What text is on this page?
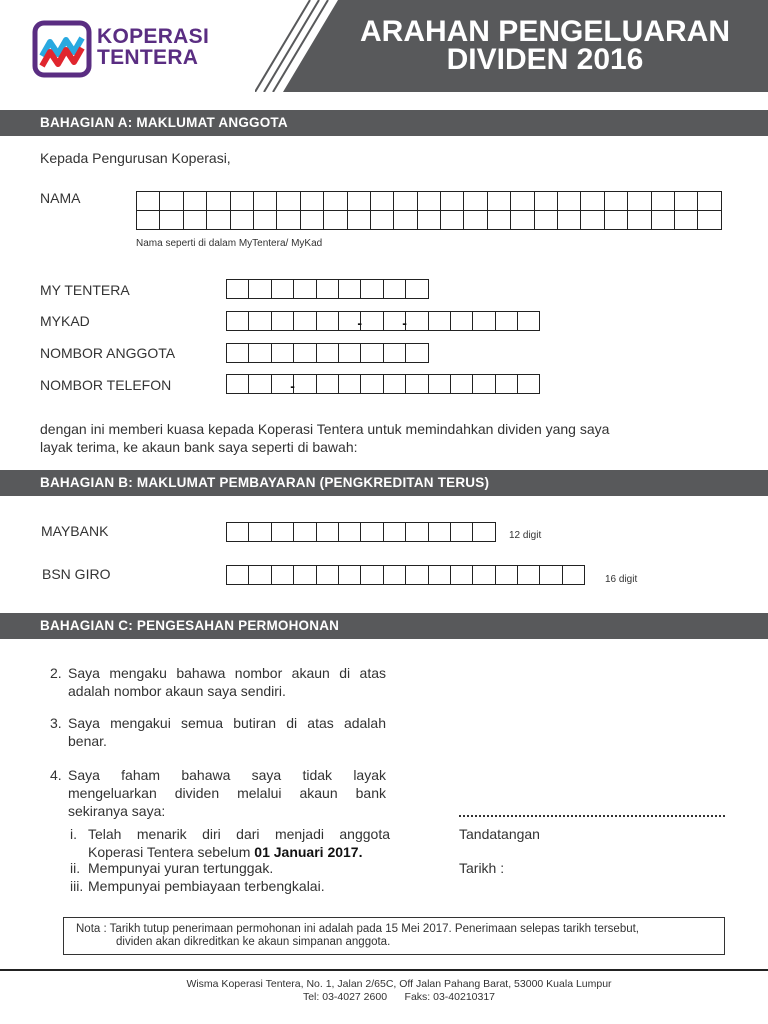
KOPERASI
TENTERA
ARAHAN PENGELUARAN
DIVIDEN 2016
BAHAGIAN A: MAKLUMAT ANGGOTA
Kepada Pengurusan Koperasi,
NAMA
Nama seperti di dalam MyTentera/ MyKad
MY TENTERA
MYKAD	-	-
NOMBOR ANGGOTA
NOMBOR TELEFON	-
dengan ini memberi kuasa kepada Koperasi Tentera untuk memindahkan dividen yang saya
layak terima, ke akaun bank saya seperti di bawah:
BAHAGIAN B: MAKLUMAT PEMBAYARAN (PENGKREDITAN TERUS)
MAYBANK	12 digit
BSN GIRO	16 digit
BAHAGIAN C: PENGESAHAN PERMOHONAN
2. Saya mengaku bahawa nombor akaun di atas adalah nombor akaun saya sendiri.
3. Saya mengakui semua butiran di atas adalah benar.
4. Saya faham bahawa saya tidak layak mengeluarkan dividen melalui akaun bank sekiranya saya:
i. Telah menarik diri dari menjadi anggota Koperasi Tentera sebelum 01 Januari 2017.
ii. Mempunyai yuran tertunggak.
iii. Mempunyai pembiayaan terbengkalai.
Tandatangan
Tarikh :
Nota : Tarikh tutup penerimaan permohonan ini adalah pada 15 Mei 2017. Penerimaan selepas tarikh tersebut,
dividen akan dikreditkan ke akaun simpanan anggota.
Wisma Koperasi Tentera, No. 1, Jalan 2/65C, Off Jalan Pahang Barat, 53000 Kuala Lumpur
Tel: 03-4027 2600      Faks: 03-40210317
